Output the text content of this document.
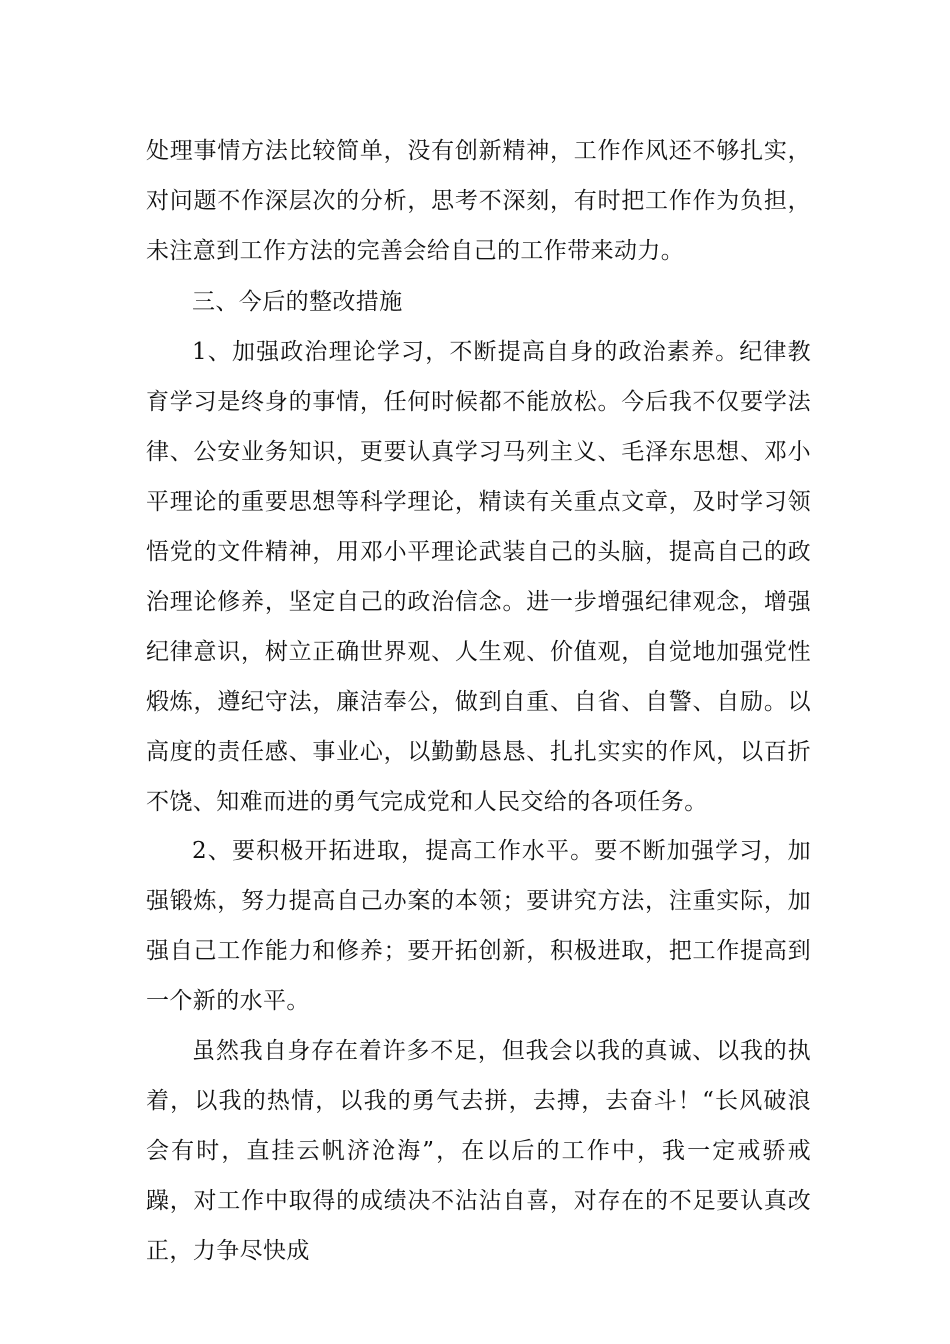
处理事情方法比较简单，没有创新精神，工作作风还不够扎实，对问题不作深层次的分析，思考不深刻，有时把工作作为负担，未注意到工作方法的完善会给自己的工作带来动力。

三、今后的整改措施

1、加强政治理论学习，不断提高自身的政治素养。纪律教育学习是终身的事情，任何时候都不能放松。今后我不仅要学法律、公安业务知识，更要认真学习马列主义、毛泽东思想、邓小平理论的重要思想等科学理论，精读有关重点文章，及时学习领悟党的文件精神，用邓小平理论武装自己的头脑，提高自己的政治理论修养，坚定自己的政治信念。进一步增强纪律观念，增强纪律意识，树立正确世界观、人生观、价值观，自觉地加强党性煅炼，遵纪守法，廉洁奉公，做到自重、自省、自警、自励。以高度的责任感、事业心，以勤勤恳恳、扎扎实实的作风，以百折不饶、知难而进的勇气完成党和人民交给的各项任务。

2、要积极开拓进取，提高工作水平。要不断加强学习，加强锻炼，努力提高自己办案的本领；要讲究方法，注重实际，加强自己工作能力和修养；要开拓创新，积极进取，把工作提高到一个新的水平。

虽然我自身存在着许多不足，但我会以我的真诚、以我的执着，以我的热情，以我的勇气去拼，去搏，去奋斗！“长风破浪会有时，直挂云帆济沧海”，在以后的工作中，我一定戒骄戒躁，对工作中取得的成绩决不沾沾自喜，对存在的不足要认真改正，力争尽快成
